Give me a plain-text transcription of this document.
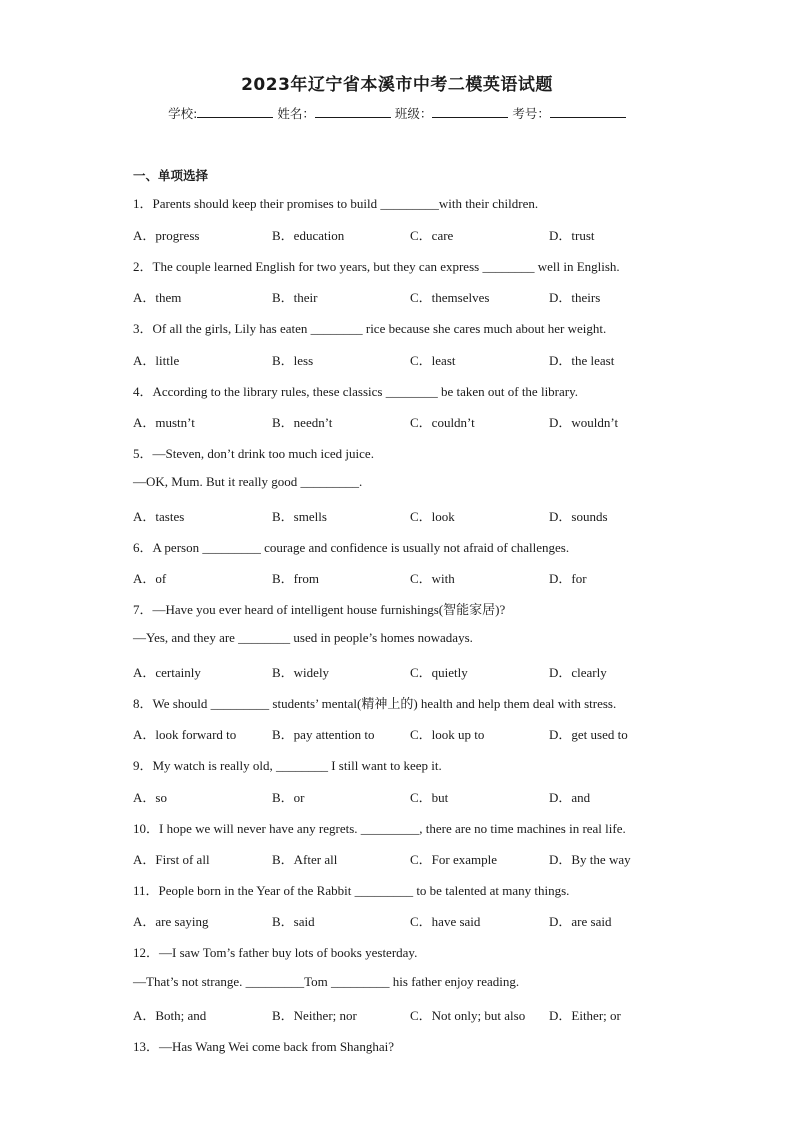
2023年辽宁省本溪市中考二模英语试题
学校:	姓名：	班级：	考号：
一、单项选择
1．Parents should keep their promises to build _________with their children.
2．The couple learned English for two years, but they can express ________ well in English.
3．Of all the girls, Lily has eaten ________ rice because she cares much about her weight.
4．According to the library rules, these classics ________ be taken out of the library.
5．—Steven, don’t drink too much iced juice.
—OK, Mum. But it really good _________.
6．A person _________ courage and confidence is usually not afraid of challenges.
7．—Have you ever heard of intelligent house furnishings(智能家居)?
—Yes, and they are ________ used in people’s homes nowadays.
8．We should _________ students’ mental(精神上的) health and help them deal with stress.
9．My watch is really old, ________ I still want to keep it.
10．I hope we will never have any regrets. _________, there are no time machines in real life.
11．People born in the Year of the Rabbit _________ to be talented at many things.
12．—I saw Tom’s father buy lots of books yesterday.
—That’s not strange. _________Tom _________ his father enjoy reading.
13．—Has Wang Wei come back from Shanghai?
A．progress	B．education	C．care	D．trust
A．them	B．their	C．themselves	D．theirs
A．little	B．less	C．least	D．the least
A．mustn’t	B．needn’t	C．couldn’t	D．wouldn’t
A．tastes	B．smells	C．look	D．sounds
A．of	B．from	C．with	D．for
A．certainly	B．widely	C．quietly	D．clearly
A．look forward to	B．pay attention to	C．look up to	D．get used to
A．so	B．or	C．but	D．and
A．First of all	B．After all	C．For example	D．By the way
A．are saying	B．said	C．have said	D．are said
A．Both; and	B．Neither; nor	C．Not only; but also D．Either; or
